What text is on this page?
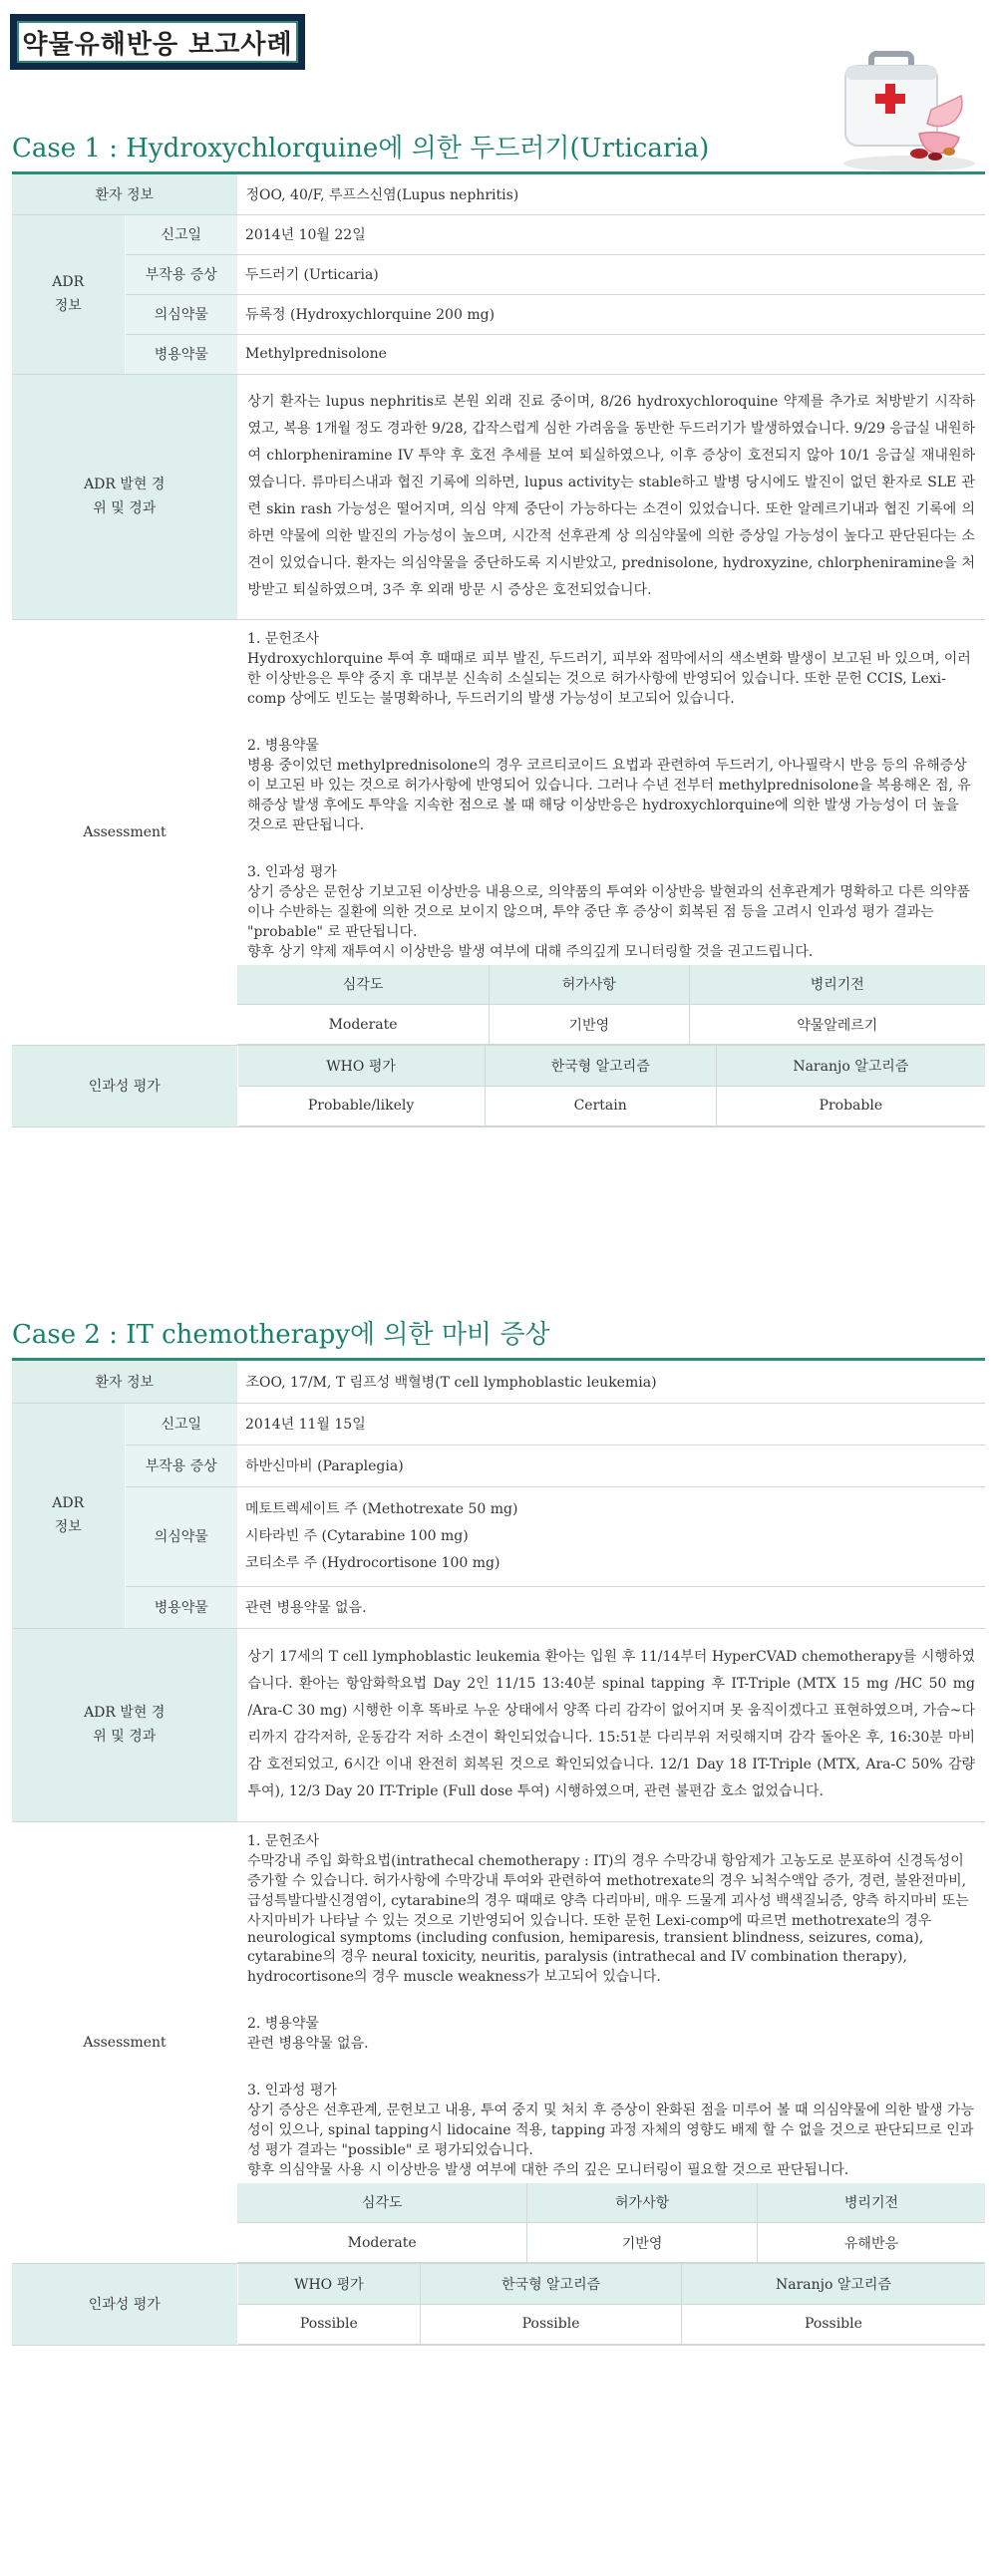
약물유해반응 보고사례
Case 1 : Hydroxychlorquine에 의한 두드러기(Urticaria)
환자 정보	정OO, 40/F, 루프스신염(Lupus nephritis)
ADR 정보	신고일	2014년 10월 22일
부작용 증상	두드러기 (Urticaria)
의심약물	듀록정 (Hydroxychlorquine 200 mg)
병용약물	Methylprednisolone
ADR 발현 경위 및 경과	상기 환자는 lupus nephritis로 본원 외래 진료 중이며, 8/26 hydroxychloroquine 약제를 추가로 처방받기 시작하였고, 복용 1개월 정도 경과한 9/28, 갑작스럽게 심한 가려움을 동반한 두드러기가 발생하였습니다. 9/29 응급실 내원하여 chlorpheniramine IV 투약 후 호전 추세를 보여 퇴실하였으나, 이후 증상이 호전되지 않아 10/1 응급실 재내원하였습니다. 류마티스내과 협진 기록에 의하면, lupus activity는 stable하고 발병 당시에도 발진이 없던 환자로 SLE 관련 skin rash 가능성은 떨어지며, 의심 약제 중단이 가능하다는 소견이 있었습니다. 또한 알레르기내과 협진 기록에 의하면 약물에 의한 발진의 가능성이 높으며, 시간적 선후관계 상 의심약물에 의한 증상일 가능성이 높다고 판단된다는 소견이 있었습니다. 환자는 의심약물을 중단하도록 지시받았고, prednisolone, hydroxyzine, chlorpheniramine을 처방받고 퇴실하였으며, 3주 후 외래 방문 시 증상은 호전되었습니다.
Assessment	
1. 문헌조사
Hydroxychlorquine 투여 후 때때로 피부 발진, 두드러기, 피부와 점막에서의 색소변화 발생이 보고된 바 있으며, 이러한 이상반응은 투약 중지 후 대부분 신속히 소실되는 것으로 허가사항에 반영되어 있습니다. 또한 문헌 CCIS, Lexi-comp 상에도 빈도는 불명확하나, 두드러기의 발생 가능성이 보고되어 있습니다.
2. 병용약물
병용 중이었던 methylprednisolone의 경우 코르티코이드 요법과 관련하여 두드러기, 아나필락시 반응 등의 유해증상이 보고된 바 있는 것으로 허가사항에 반영되어 있습니다. 그러나 수년 전부터 methylprednisolone을 복용해온 점, 유해증상 발생 후에도 투약을 지속한 점으로 볼 때 해당 이상반응은 hydroxychlorquine에 의한 발생 가능성이 더 높을 것으로 판단됩니다.
3. 인과성 평가
상기 증상은 문헌상 기보고된 이상반응 내용으로, 의약품의 투여와 이상반응 발현과의 선후관계가 명확하고 다른 의약품이나 수반하는 질환에 의한 것으로 보이지 않으며, 투약 중단 후 증상이 회복된 점 등을 고려시 인과성 평가 결과는 "probable" 로 판단됩니다.
향후 상기 약제 재투여시 이상반응 발생 여부에 대해 주의깊게 모니터링할 것을 권고드립니다.
심각도	허가사항	병리기전
Moderate	기반영	약물알레르기

인과성 평가	
WHO 평가	한국형 알고리즘	Naranjo 알고리즘
Probable/likely	Certain	Probable
Case 2 : IT chemotherapy에 의한 마비 증상
환자 정보	조OO, 17/M, T 림프성 백혈병(T cell lymphoblastic leukemia)
ADR 정보	신고일	2014년 11월 15일
부작용 증상	하반신마비 (Paraplegia)
의심약물	
메토트렉세이트 주 (Methotrexate 50 mg)
시타라빈 주 (Cytarabine 100 mg)
코티소루 주 (Hydrocortisone 100 mg)

병용약물	관련 병용약물 없음.
ADR 발현 경위 및 경과	상기 17세의 T cell lymphoblastic leukemia 환아는 입원 후 11/14부터 HyperCVAD chemotherapy를 시행하였습니다. 환아는 항암화학요법 Day 2인 11/15 13:40분 spinal tapping 후 IT-Triple (MTX 15 mg /HC 50 mg /Ara-C 30 mg) 시행한 이후 똑바로 누운 상태에서 양쪽 다리 감각이 없어지며 못 움직이겠다고 표현하였으며, 가슴~다리까지 감각저하, 운동감각 저하 소견이 확인되었습니다. 15:51분 다리부위 저릿해지며 감각 돌아온 후, 16:30분 마비감 호전되었고, 6시간 이내 완전히 회복된 것으로 확인되었습니다. 12/1 Day 18 IT-Triple (MTX, Ara-C 50% 감량 투여), 12/3 Day 20 IT-Triple (Full dose 투여) 시행하였으며, 관련 불편감 호소 없었습니다.
Assessment	
1. 문헌조사
수막강내 주입 화학요법(intrathecal chemotherapy : IT)의 경우 수막강내 항암제가 고농도로 분포하여 신경독성이 증가할 수 있습니다. 허가사항에 수막강내 투여와 관련하여 methotrexate의 경우 뇌척수액압 증가, 경련, 불완전마비, 급성특발다발신경염이, cytarabine의 경우 때때로 양측 다리마비, 매우 드물게 괴사성 백색질뇌증, 양측 하지마비 또는 사지마비가 나타날 수 있는 것으로 기반영되어 있습니다. 또한 문헌 Lexi-comp에 따르면 methotrexate의 경우 neurological symptoms (including confusion, hemiparesis, transient blindness, seizures, coma), cytarabine의 경우 neural toxicity, neuritis, paralysis (intrathecal and IV combination therapy), hydrocortisone의 경우 muscle weakness가 보고되어 있습니다.
2. 병용약물
관련 병용약물 없음.
3. 인과성 평가
상기 증상은 선후관계, 문헌보고 내용, 투여 중지 및 처치 후 증상이 완화된 점을 미루어 볼 때 의심약물에 의한 발생 가능성이 있으나, spinal tapping시 lidocaine 적용, tapping 과정 자체의 영향도 배제 할 수 없을 것으로 판단되므로 인과성 평가 결과는 "possible" 로 평가되었습니다.
향후 의심약물 사용 시 이상반응 발생 여부에 대한 주의 깊은 모니터링이 필요할 것으로 판단됩니다.
심각도	허가사항	병리기전
Moderate	기반영	유해반응

인과성 평가	
WHO 평가	한국형 알고리즘	Naranjo 알고리즘
Possible	Possible	Possible
